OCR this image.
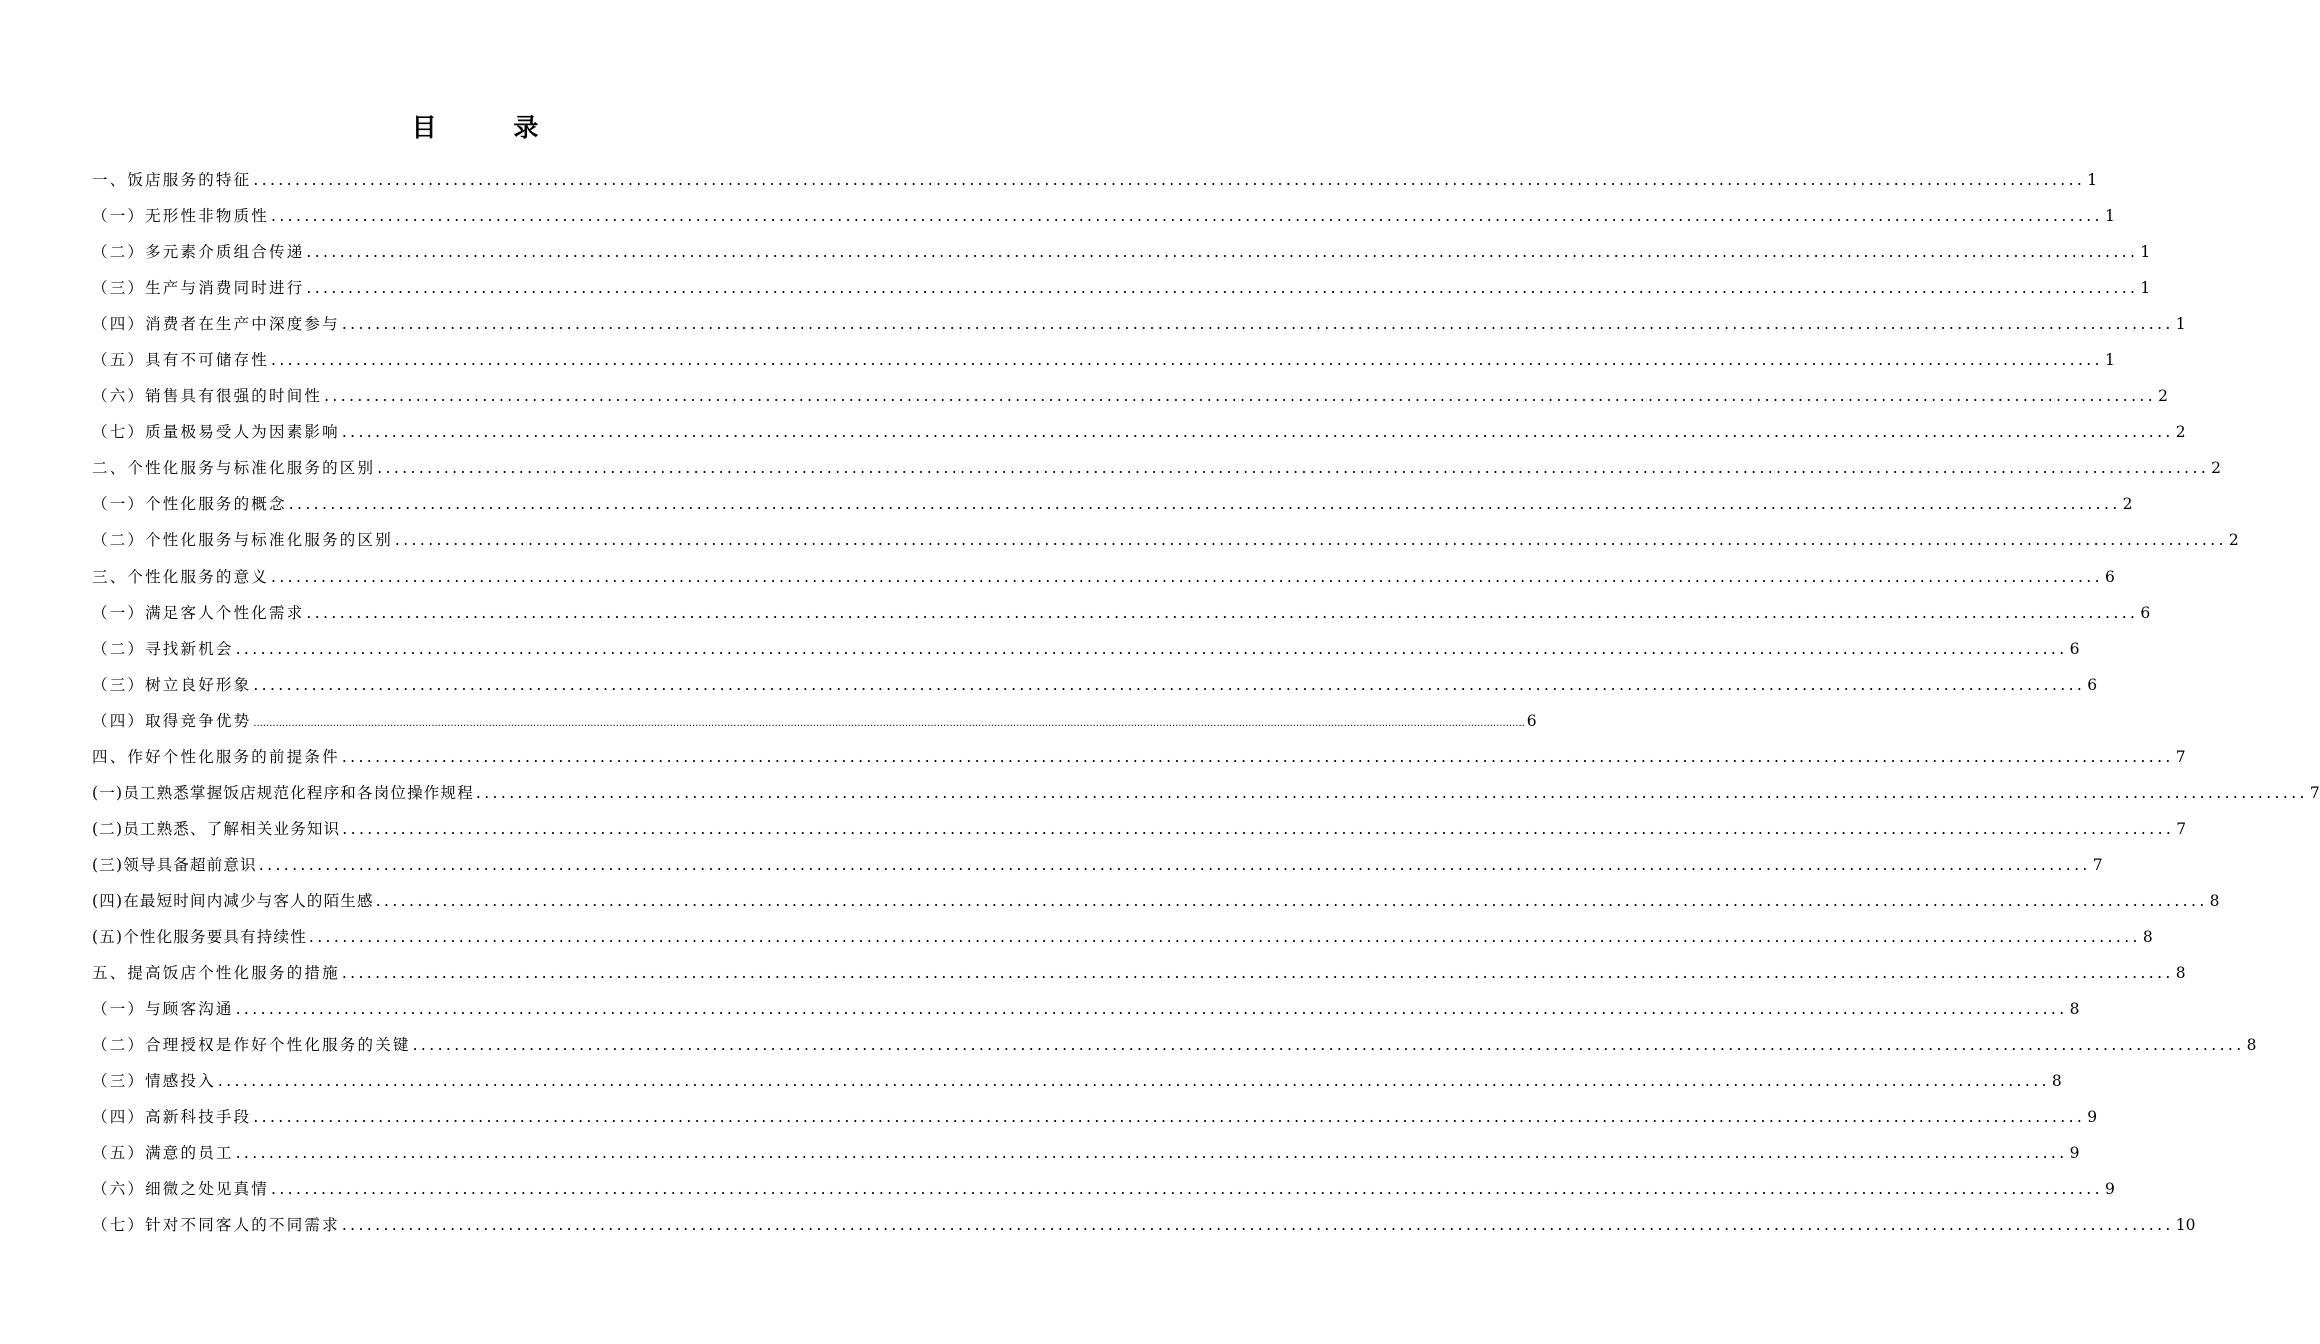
目 录
一、饭店服务的特征 ............................................................................................................................................................................................................................ 1
（一）无形性非物质性 ............................................................................................................................................................................................................................ 1
（二）多元素介质组合传递 ............................................................................................................................................................................................................................ 1
（三）生产与消费同时进行 ............................................................................................................................................................................................................................ 1
（四）消费者在生产中深度参与 ............................................................................................................................................................................................................................ 1
（五）具有不可储存性 ............................................................................................................................................................................................................................ 1
（六）销售具有很强的时间性 ............................................................................................................................................................................................................................ 2
（七）质量极易受人为因素影响 ............................................................................................................................................................................................................................ 2
二、个性化服务与标准化服务的区别 ............................................................................................................................................................................................................................ 2
（一）个性化服务的概念 ............................................................................................................................................................................................................................ 2
（二）个性化服务与标准化服务的区别 ............................................................................................................................................................................................................................ 2
三、个性化服务的意义 ............................................................................................................................................................................................................................ 6
（一）满足客人个性化需求 ............................................................................................................................................................................................................................ 6
（二）寻找新机会 ............................................................................................................................................................................................................................ 6
（三）树立良好形象 ............................................................................................................................................................................................................................ 6
（四）取得竞争优势 ................................................................................................................................................................................................................................................................................................................................................................................................................ 6
四、作好个性化服务的前提条件 ............................................................................................................................................................................................................................ 7
(一)员工熟悉掌握饭店规范化程序和各岗位操作规程 ............................................................................................................................................................................................................................ 7
(二)员工熟悉、了解相关业务知识 ............................................................................................................................................................................................................................ 7
(三)领导具备超前意识 ............................................................................................................................................................................................................................ 7
(四)在最短时间内减少与客人的陌生感 ............................................................................................................................................................................................................................ 8
(五)个性化服务要具有持续性 ............................................................................................................................................................................................................................ 8
五、提高饭店个性化服务的措施 ............................................................................................................................................................................................................................ 8
（一）与顾客沟通 ............................................................................................................................................................................................................................ 8
（二）合理授权是作好个性化服务的关键 ............................................................................................................................................................................................................................ 8
（三）情感投入 ............................................................................................................................................................................................................................ 8
（四）高新科技手段 ............................................................................................................................................................................................................................ 9
（五）满意的员工 ............................................................................................................................................................................................................................ 9
（六）细微之处见真情 ............................................................................................................................................................................................................................ 9
（七）针对不同客人的不同需求 ............................................................................................................................................................................................................................ 10
